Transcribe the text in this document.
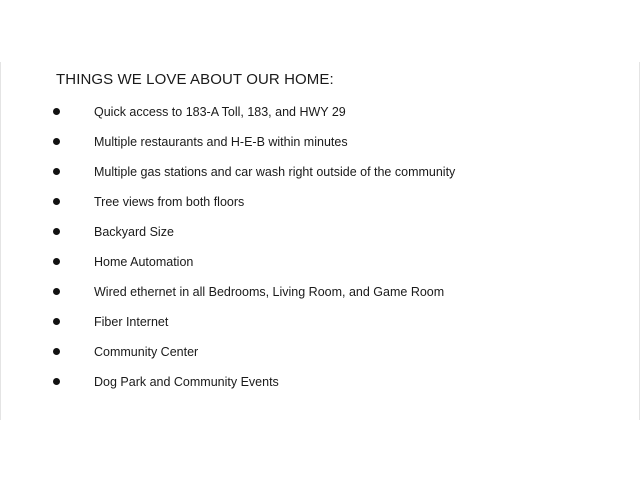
THINGS WE LOVE ABOUT OUR HOME:
Quick access to 183-A Toll, 183, and HWY 29
Multiple restaurants and H-E-B within minutes
Multiple gas stations and car wash right outside of the community
Tree views from both floors
Backyard Size
Home Automation
Wired ethernet in all Bedrooms, Living Room, and Game Room
Fiber Internet
Community Center
Dog Park and Community Events
